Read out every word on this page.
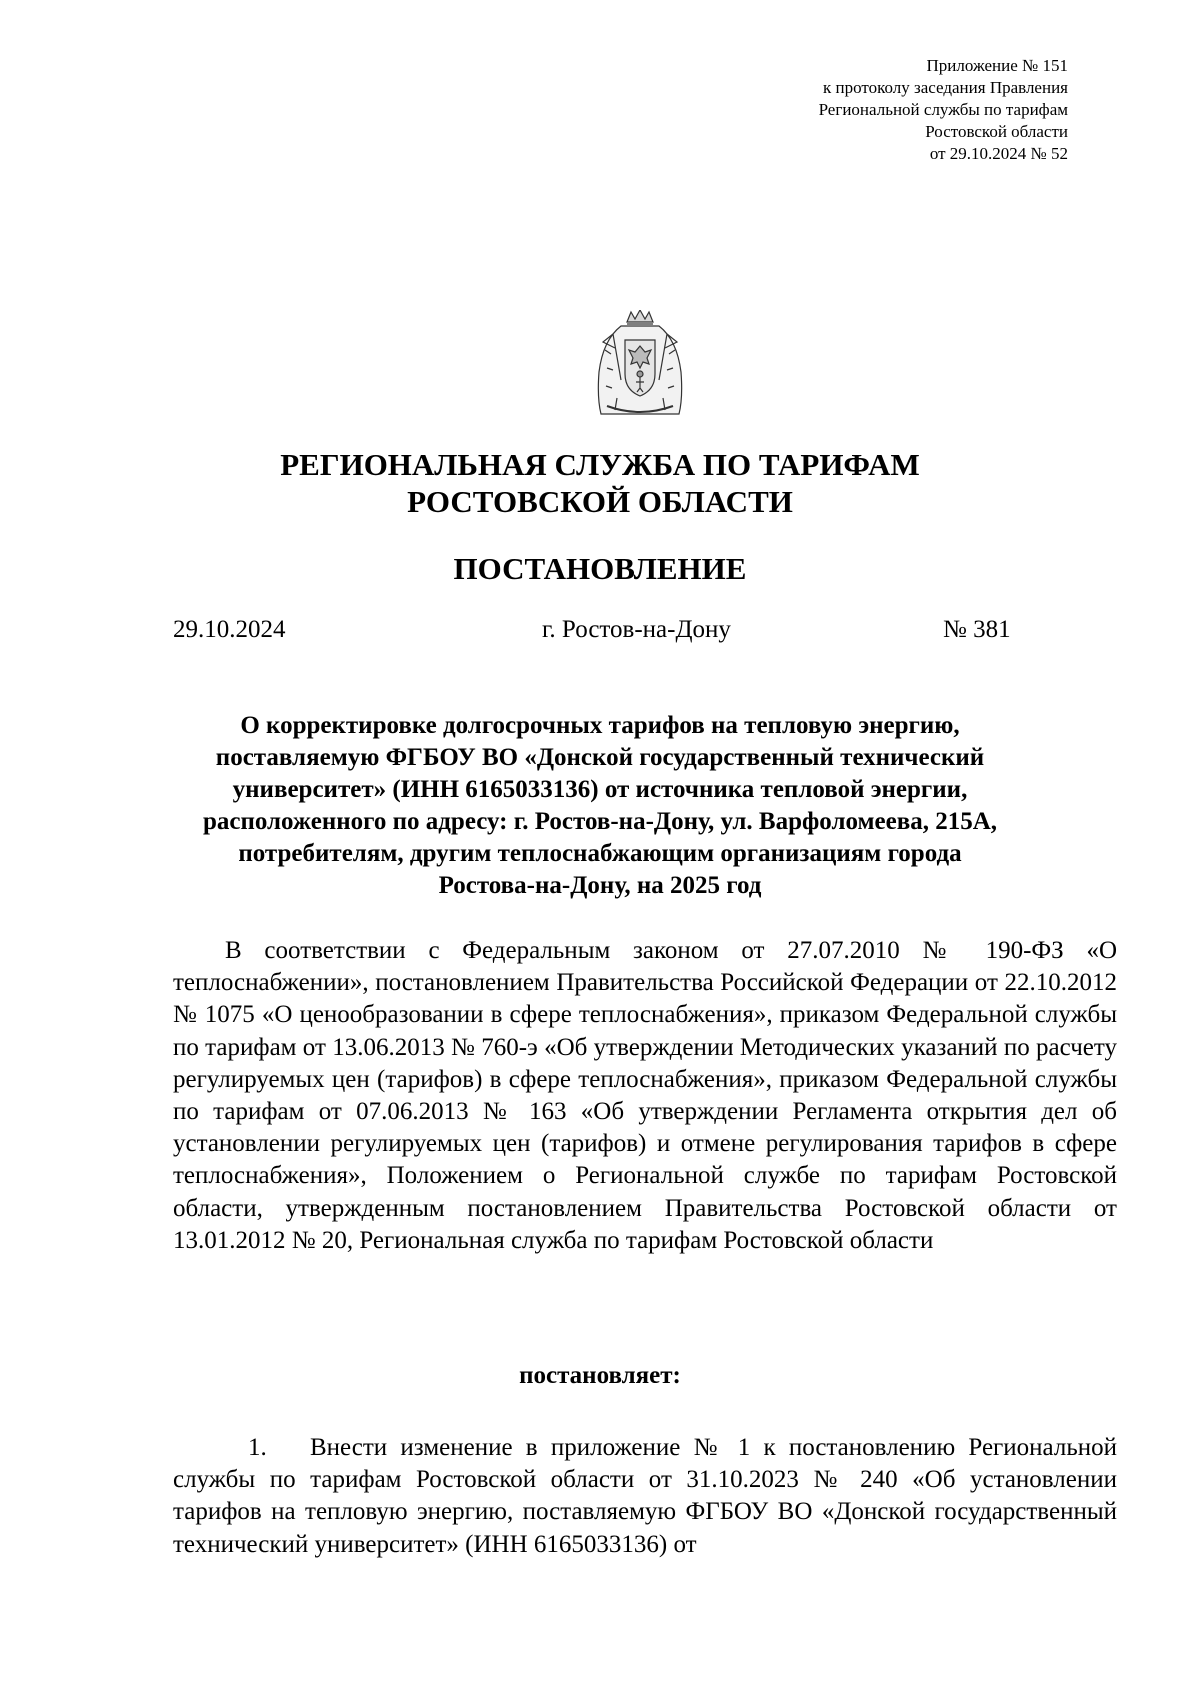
Приложение № 151
к протоколу заседания Правления
Региональной службы по тарифам
Ростовской области
от 29.10.2024 № 52
РЕГИОНАЛЬНАЯ СЛУЖБА ПО ТАРИФАМ
РОСТОВСКОЙ ОБЛАСТИ
ПОСТАНОВЛЕНИЕ
29.10.2024	г. Ростов-на-Дону	№ 381
О корректировке долгосрочных тарифов на тепловую энергию,
поставляемую ФГБОУ ВО «Донской государственный технический
университет» (ИНН 6165033136) от источника тепловой энергии,
расположенного по адресу: г. Ростов-на-Дону, ул. Варфоломеева, 215А,
потребителям, другим теплоснабжающим организациям города
Ростова-на-Дону, на 2025 год

В соответствии с Федеральным законом от 27.07.2010 № 190-ФЗ «О теплоснабжении», постановлением Правительства Российской Федерации от 22.10.2012 № 1075 «О ценообразовании в сфере теплоснабжения», приказом Федеральной службы по тарифам от 13.06.2013 № 760-э «Об утверждении Методических указаний по расчету регулируемых цен (тарифов) в сфере теплоснабжения», приказом Федеральной службы по тарифам от 07.06.2013 № 163 «Об утверждении Регламента открытия дел об установлении регулируемых цен (тарифов) и отмене регулирования тарифов в сфере теплоснабжения», Положением о Региональной службе по тарифам Ростовской области, утвержденным постановлением Правительства Ростовской области от 13.01.2012 № 20, Региональная служба по тарифам Ростовской области

постановляет:

1. Внести изменение в приложение № 1 к постановлению Региональной службы по тарифам Ростовской области от 31.10.2023 № 240 «Об установлении тарифов на тепловую энергию, поставляемую ФГБОУ ВО «Донской государственный технический университет» (ИНН 6165033136) от
